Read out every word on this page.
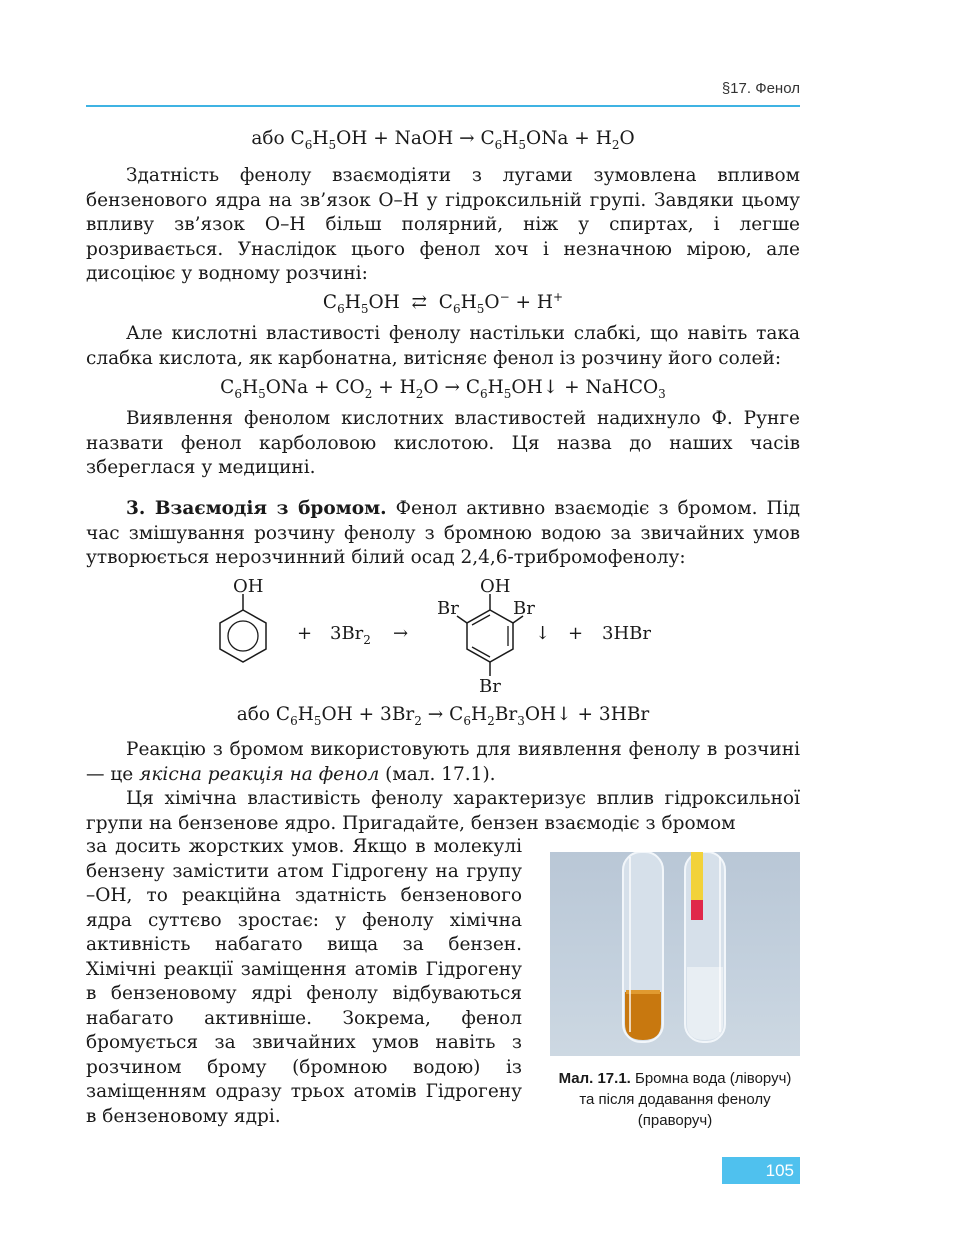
§17. Фенол

або $C_6H_5OH$ + NaOH → $C_6H_5ONa + H_2O$

Здатність фенолу взаємодіяти з лугами зумовлена впливом бензенового ядра на зв’язок О–Н у гідроксильній групі. Завдяки цьому впливу зв’язок О–Н більш полярний, ніж у спиртах, і легше розривається. Унаслідок цього фенол хоч і незначною мірою, але дисоціює у водному розчині:

$C_6H_5OH$  ⇄  $C_6H_5O^- + H^+$

Але кислотні властивості фенолу настільки слабкі, що навіть така слабка кислота, як карбонатна, витісняє фенол із розчину його солей:

$C_6H_5ONa + CO_2 + H_2O$ → $C_6H_5OH↓$ + NaHCO$_3$

Виявлення фенолом кислотних властивостей надихнуло Ф. Рунге назвати фенол карболовою кислотою. Ця назва до наших часів збереглася у медицині.

3. Взаємодія з бромом. Фенол активно взаємодіє з бромом. Під час змішування розчину фенолу з бромною водою за звичайних умов утворюється нерозчинний білий осад 2,4,6-трибромофенолу:

OH
+ $3Br_2$ →
OH
Br	Br
Br
↓ + 3HBr

або $C_6H_5OH + 3Br_2$ → $C_6H_2Br_3OH↓ + 3HBr$

Реакцію з бромом використовують для виявлення фенолу в розчині — це якісна реакція на фенол (мал. 17.1).

Ця хімічна властивість фенолу характеризує вплив гідроксильної групи на бензенове ядро. Пригадайте, бензен взаємодіє з бромом

за досить жорстких умов. Якщо в молекулі бензену замістити атом Гідрогену на групу –ОН, то реакційна здатність бензенового ядра суттєво зростає: у фенолу хімічна активність набагато вища за бензен. Хімічні реакції заміщення атомів Гідрогену в бензеновому ядрі фенолу відбуваються набагато активніше. Зокрема, фенол бромується за звичайних умов навіть з розчином брому (бромною водою) із заміщенням одразу трьох атомів Гідрогену в бензеновому ядрі.

Мал. 17.1. Бромна вода (ліворуч) та після додавання фенолу (праворуч)
105
